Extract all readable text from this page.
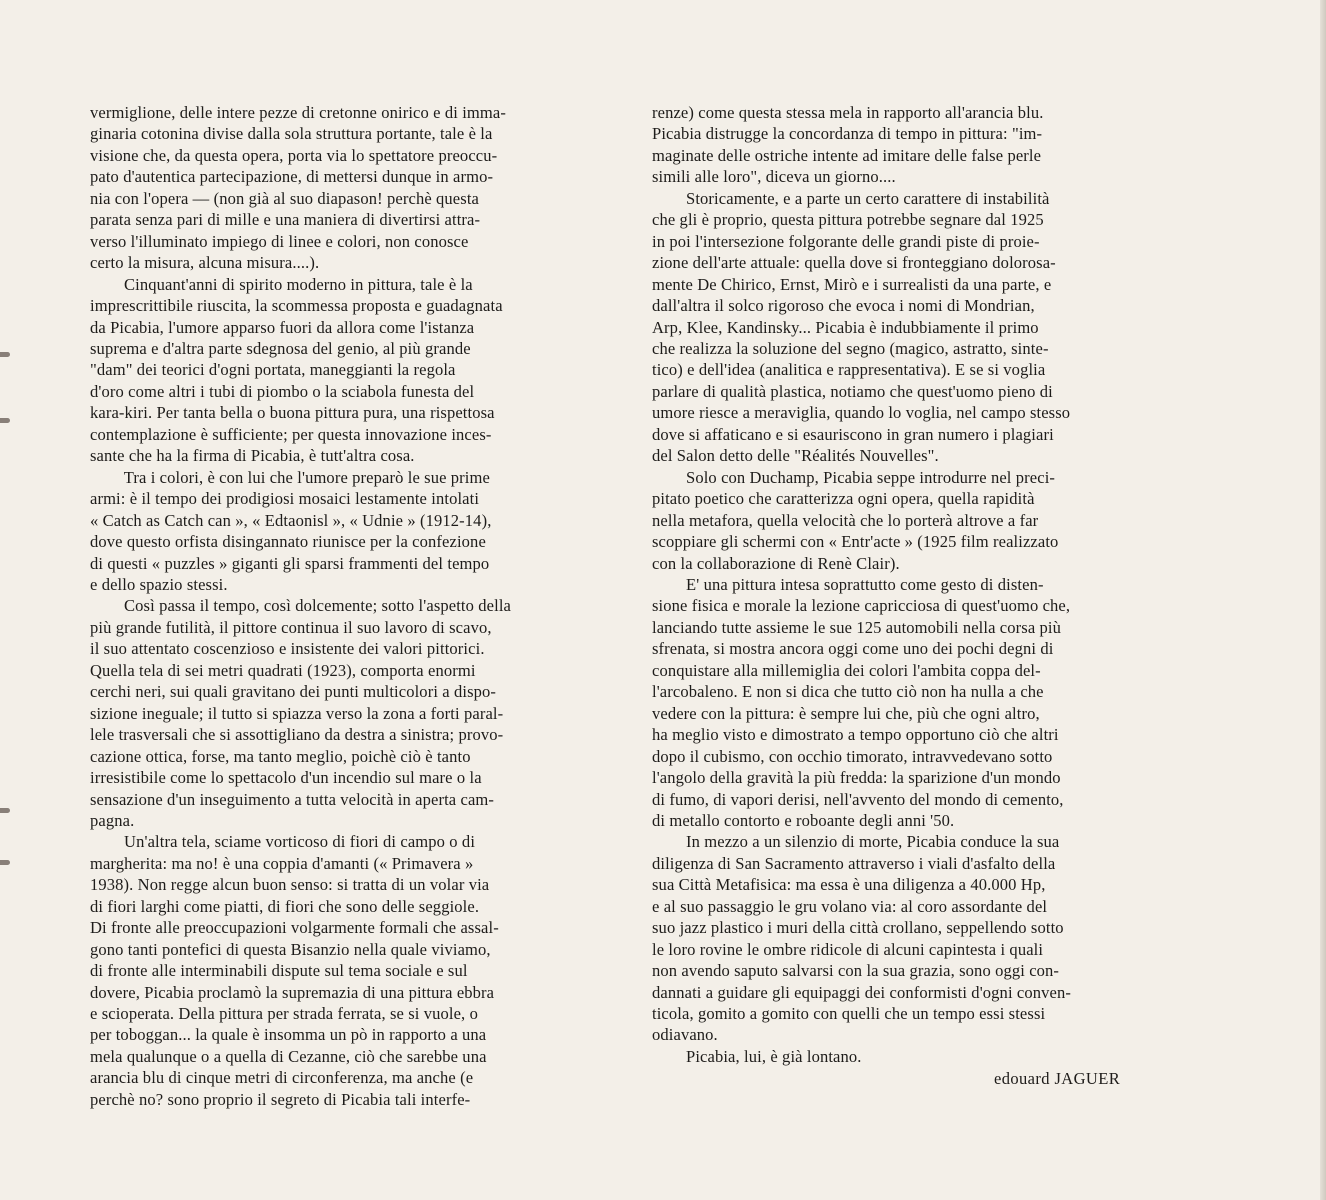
vermiglione, delle intere pezze di cretonne onirico e di imma-
ginaria cotonina divise dalla sola struttura portante, tale è la
visione che, da questa opera, porta via lo spettatore preoccu-
pato d'autentica partecipazione, di mettersi dunque in armo-
nia con l'opera — (non già al suo diapason! perchè questa
parata senza pari di mille e una maniera di divertirsi attra-
verso l'illuminato impiego di linee e colori, non conosce
certo la misura, alcuna misura....).
Cinquant'anni di spirito moderno in pittura, tale è la
imprescrittibile riuscita, la scommessa proposta e guadagnata
da Picabia, l'umore apparso fuori da allora come l'istanza
suprema e d'altra parte sdegnosa del genio, al più grande
"dam" dei teorici d'ogni portata, maneggianti la regola
d'oro come altri i tubi di piombo o la sciabola funesta del
kara-kiri. Per tanta bella o buona pittura pura, una rispettosa
contemplazione è sufficiente; per questa innovazione inces-
sante che ha la firma di Picabia, è tutt'altra cosa.
Tra i colori, è con lui che l'umore preparò le sue prime
armi: è il tempo dei prodigiosi mosaici lestamente intolati
« Catch as Catch can », « Edtaonisl », « Udnie » (1912-14),
dove questo orfista disingannato riunisce per la confezione
di questi « puzzles » giganti gli sparsi frammenti del tempo
e dello spazio stessi.
Così passa il tempo, così dolcemente; sotto l'aspetto della
più grande futilità, il pittore continua il suo lavoro di scavo,
il suo attentato coscenzioso e insistente dei valori pittorici.
Quella tela di sei metri quadrati (1923), comporta enormi
cerchi neri, sui quali gravitano dei punti multicolori a dispo-
sizione ineguale; il tutto si spiazza verso la zona a forti paral-
lele trasversali che si assottigliano da destra a sinistra; provo-
cazione ottica, forse, ma tanto meglio, poichè ciò è tanto
irresistibile come lo spettacolo d'un incendio sul mare o la
sensazione d'un inseguimento a tutta velocità in aperta cam-
pagna.
Un'altra tela, sciame vorticoso di fiori di campo o di
margherita: ma no! è una coppia d'amanti (« Primavera »
1938). Non regge alcun buon senso: si tratta di un volar via
di fiori larghi come piatti, di fiori che sono delle seggiole.
Di fronte alle preoccupazioni volgarmente formali che assal-
gono tanti pontefici di questa Bisanzio nella quale viviamo,
di fronte alle interminabili dispute sul tema sociale e sul
dovere, Picabia proclamò la supremazia di una pittura ebbra
e scioperata. Della pittura per strada ferrata, se si vuole, o
per toboggan... la quale è insomma un pò in rapporto a una
mela qualunque o a quella di Cezanne, ciò che sarebbe una
arancia blu di cinque metri di circonferenza, ma anche (e
perchè no? sono proprio il segreto di Picabia tali interfe-

renze) come questa stessa mela in rapporto all'arancia blu.
Picabia distrugge la concordanza di tempo in pittura: "im-
maginate delle ostriche intente ad imitare delle false perle
simili alle loro", diceva un giorno....
Storicamente, e a parte un certo carattere di instabilità
che gli è proprio, questa pittura potrebbe segnare dal 1925
in poi l'intersezione folgorante delle grandi piste di proie-
zione dell'arte attuale: quella dove si fronteggiano dolorosa-
mente De Chirico, Ernst, Mirò e i surrealisti da una parte, e
dall'altra il solco rigoroso che evoca i nomi di Mondrian,
Arp, Klee, Kandinsky... Picabia è indubbiamente il primo
che realizza la soluzione del segno (magico, astratto, sinte-
tico) e dell'idea (analitica e rappresentativa). E se si voglia
parlare di qualità plastica, notiamo che quest'uomo pieno di
umore riesce a meraviglia, quando lo voglia, nel campo stesso
dove si affaticano e si esauriscono in gran numero i plagiari
del Salon detto delle "Réalités Nouvelles".
Solo con Duchamp, Picabia seppe introdurre nel preci-
pitato poetico che caratterizza ogni opera, quella rapidità
nella metafora, quella velocità che lo porterà altrove a far
scoppiare gli schermi con « Entr'acte » (1925 film realizzato
con la collaborazione di Renè Clair).
E' una pittura intesa soprattutto come gesto di disten-
sione fisica e morale la lezione capricciosa di quest'uomo che,
lanciando tutte assieme le sue 125 automobili nella corsa più
sfrenata, si mostra ancora oggi come uno dei pochi degni di
conquistare alla millemiglia dei colori l'ambita coppa del-
l'arcobaleno. E non si dica che tutto ciò non ha nulla a che
vedere con la pittura: è sempre lui che, più che ogni altro,
ha meglio visto e dimostrato a tempo opportuno ciò che altri
dopo il cubismo, con occhio timorato, intravvedevano sotto
l'angolo della gravità la più fredda: la sparizione d'un mondo
di fumo, di vapori derisi, nell'avvento del mondo di cemento,
di metallo contorto e roboante degli anni '50.
In mezzo a un silenzio di morte, Picabia conduce la sua
diligenza di San Sacramento attraverso i viali d'asfalto della
sua Città Metafisica: ma essa è una diligenza a 40.000 Hp,
e al suo passaggio le gru volano via: al coro assordante del
suo jazz plastico i muri della città crollano, seppellendo sotto
le loro rovine le ombre ridicole di alcuni capintesta i quali
non avendo saputo salvarsi con la sua grazia, sono oggi con-
dannati a guidare gli equipaggi dei conformisti d'ogni conven-
ticola, gomito a gomito con quelli che un tempo essi stessi
odiavano.
Picabia, lui, è già lontano.

edouard JAGUER
